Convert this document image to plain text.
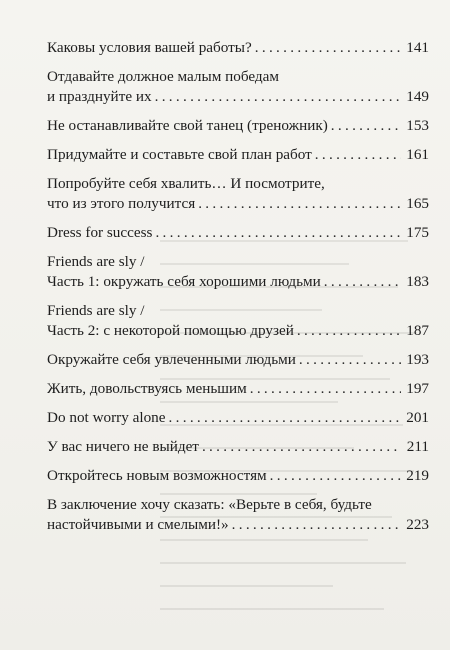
Каковы условия вашей работы? . . .	141
Отдавайте должное малым победам
и празднуйте их . . .	149
Не останавливайте свой танец (треножник) . . .	153
Придумайте и составьте свой план работ . . .	161
Попробуйте себя хвалить… И посмотрите,
что из этого получится . . .	165
Dress for success . . .	175
Friends are sly /
Часть 1: окружать себя хорошими людьми . . .	183
Friends are sly /
Часть 2: с некоторой помощью друзей . . .	187
Окружайте себя увлеченными людьми . . .	193
Жить, довольствуясь меньшим . . .	197
Do not worry alone . . .	201
У вас ничего не выйдет . . .	211
Откройтесь новым возможностям . . .	219
В заключение хочу сказать: «Верьте в себя, будьте
настойчивыми и смелыми!» . . .	223
